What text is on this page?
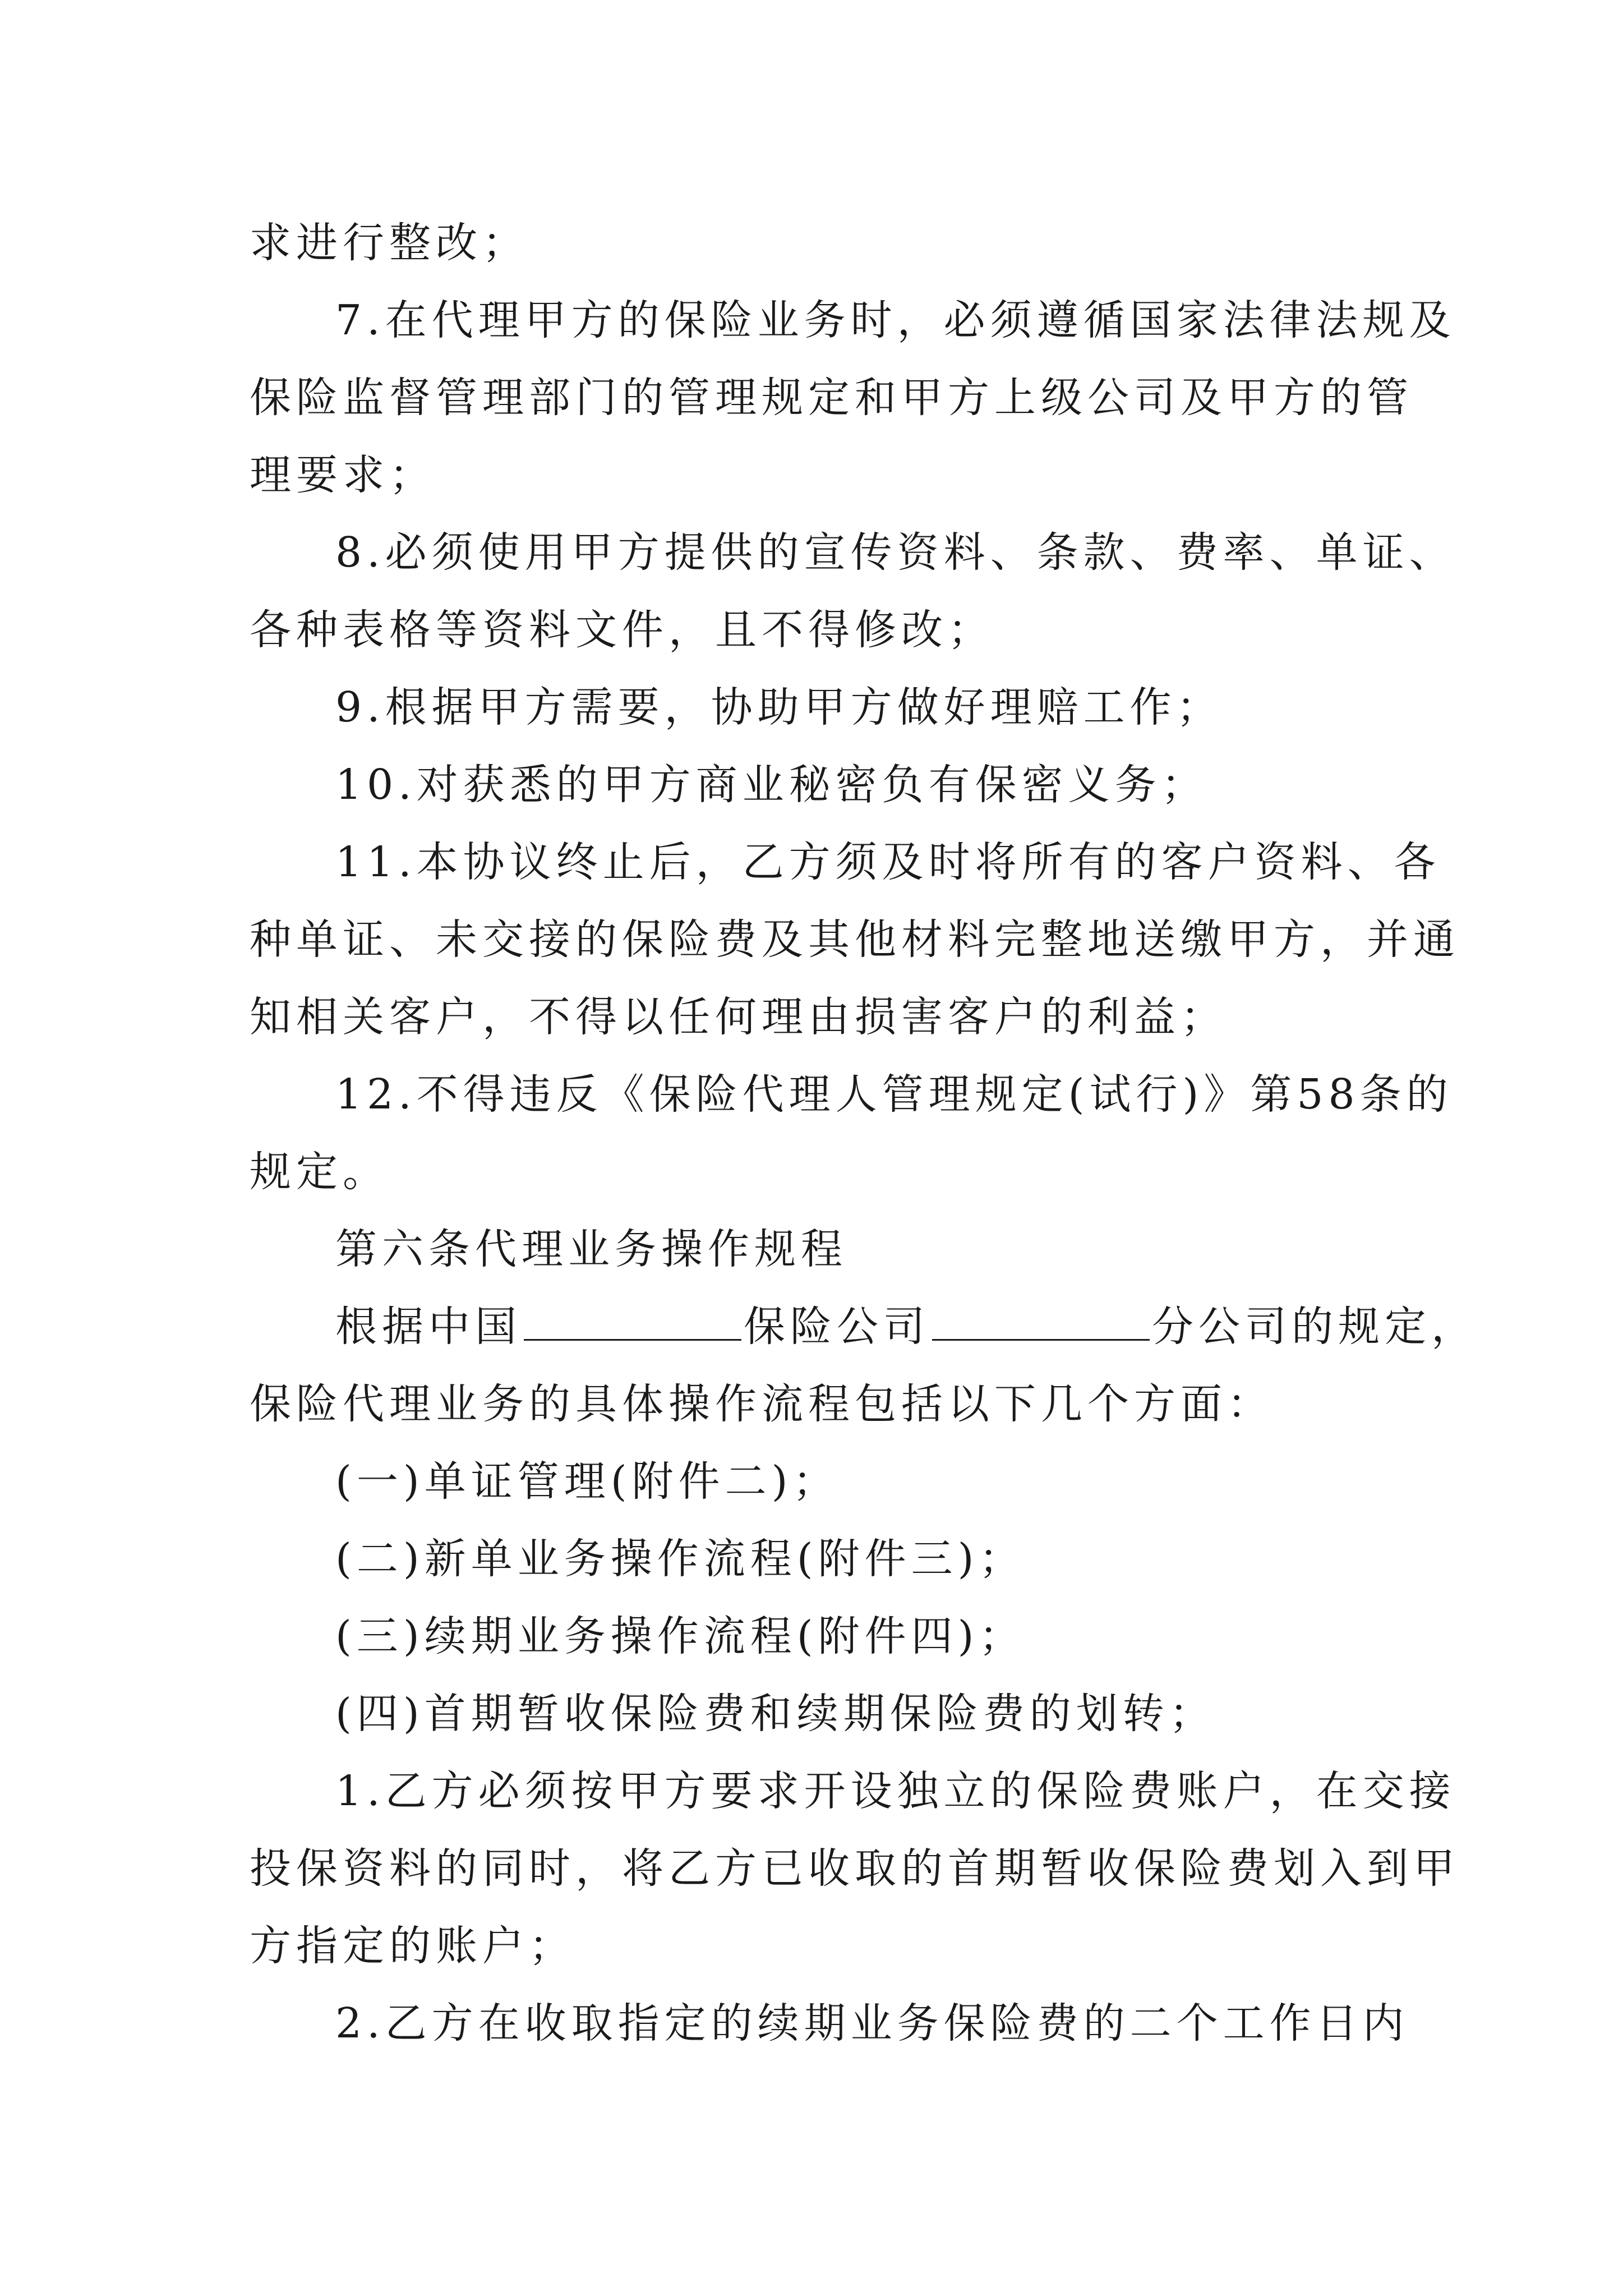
求进行整改；
7.在代理甲方的保险业务时，必须遵循国家法律法规及
保险监督管理部门的管理规定和甲方上级公司及甲方的管
理要求；
8.必须使用甲方提供的宣传资料、条款、费率、单证、
各种表格等资料文件，且不得修改；
9.根据甲方需要，协助甲方做好理赔工作；
10.对获悉的甲方商业秘密负有保密义务；
11.本协议终止后，乙方须及时将所有的客户资料、各
种单证、未交接的保险费及其他材料完整地送缴甲方，并通
知相关客户，不得以任何理由损害客户的利益；
12.不得违反《保险代理人管理规定(试行)》第58条的
规定。
第六条代理业务操作规程
根据中国	保险公司	分公司的规定，
保险代理业务的具体操作流程包括以下几个方面：
(一)单证管理(附件二)；
(二)新单业务操作流程(附件三)；
(三)续期业务操作流程(附件四)；
(四)首期暂收保险费和续期保险费的划转；
1.乙方必须按甲方要求开设独立的保险费账户，在交接
投保资料的同时，将乙方已收取的首期暂收保险费划入到甲
方指定的账户；
2.乙方在收取指定的续期业务保险费的二个工作日内
